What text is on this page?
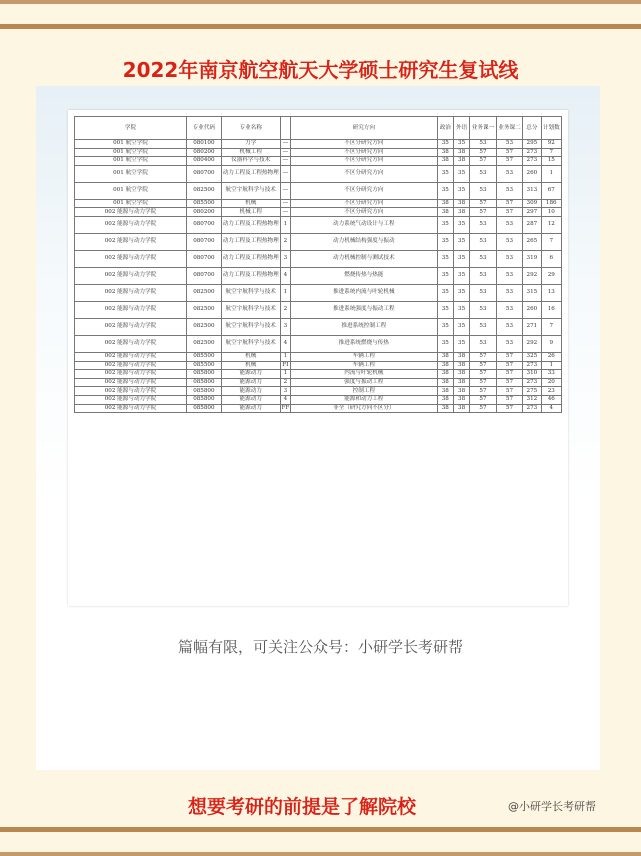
2022年南京航空航天大学硕士研究生复试线
学院	专业代码	专业名称		研究方向	政治	外语	业务课一	业务课二	总分	计划数
001 航空学院	080100	力学	—	不区分研究方向	35	35	53	53	295	92
001 航空学院	080200	机械工程	—	不区分研究方向	38	38	57	57	273	7
001 航空学院	080400	仪器科学与技术	—	不区分研究方向	38	38	57	57	273	15
001 航空学院	080700	动力工程及工程热物理	—	不区分研究方向	35	35	53	53	260	1
001 航空学院	082500	航空宇航科学与技术	—	不区分研究方向	35	35	53	53	313	67
001 航空学院	085500	机械	—	不区分研究方向	38	38	57	57	309	186
002 能源与动力学院	080200	机械工程	—	不区分研究方向	38	38	57	57	297	10
002 能源与动力学院	080700	动力工程及工程热物理	1	动力系统气动设计与工程	35	35	53	53	287	12
002 能源与动力学院	080700	动力工程及工程热物理	2	动力机械结构强度与振动	35	35	53	53	265	7
002 能源与动力学院	080700	动力工程及工程热物理	3	动力机械控制与测试技术	35	35	53	53	319	6
002 能源与动力学院	080700	动力工程及工程热物理	4	燃烧传热与热能	35	35	53	53	292	29
002 能源与动力学院	082500	航空宇航科学与技术	1	推进系统内流与叶轮机械	35	35	53	53	315	13
002 能源与动力学院	082500	航空宇航科学与技术	2	推进系统强度与振动工程	35	35	53	53	260	16
002 能源与动力学院	082500	航空宇航科学与技术	3	推进系统控制工程	35	35	53	53	271	7
002 能源与动力学院	082500	航空宇航科学与技术	4	推进系统燃烧与传热	35	35	53	53	292	9
002 能源与动力学院	085500	机械	1	车辆工程	38	38	57	57	325	26
002 能源与动力学院	085500	机械	FI	车辆工程	38	38	57	57	273	1
002 能源与动力学院	085800	能源动力	1	内流与叶轮机械	38	38	57	57	310	33
002 能源与动力学院	085800	能源动力	2	强度与振动工程	38	38	57	57	273	20
002 能源与动力学院	085800	能源动力	3	控制工程	38	38	57	57	275	23
002 能源与动力学院	085800	能源动力	4	能源和动力工程	38	38	57	57	312	46
002 能源与动力学院	085800	能源动力	FF	非全（研究方向不区分）	38	38	57	57	273	4
篇幅有限，可关注公众号：小研学长考研帮
想要考研的前提是了解院校	@小研学长考研帮
